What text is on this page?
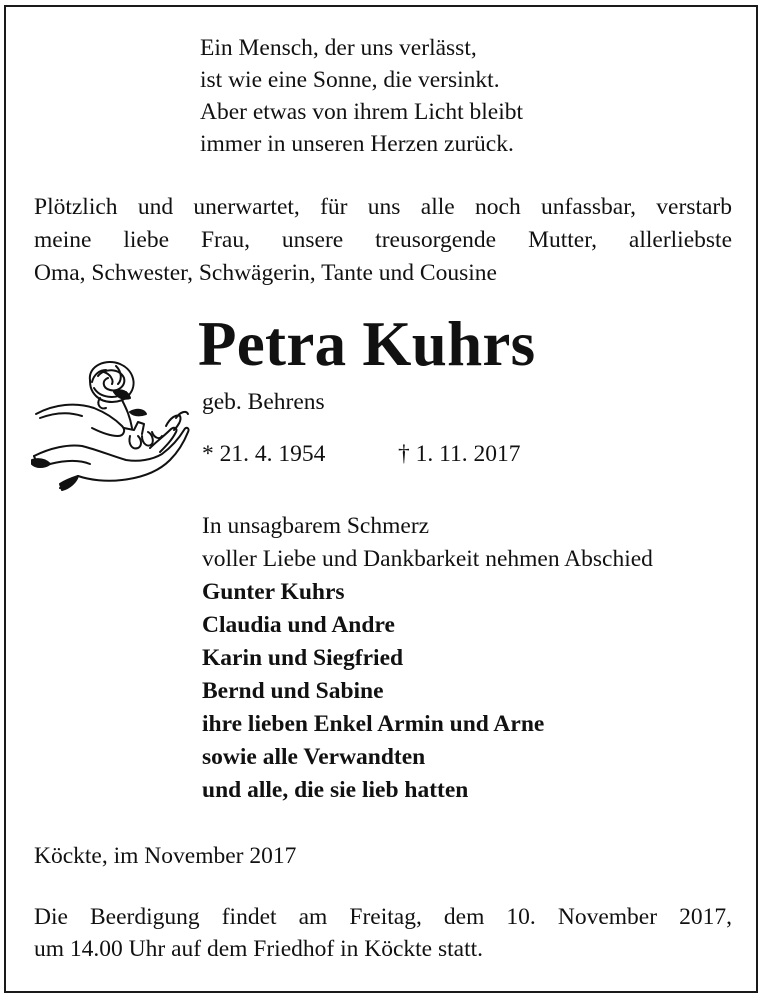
Ein Mensch, der uns verlässt,
ist wie eine Sonne, die versinkt.
Aber etwas von ihrem Licht bleibt
immer in unseren Herzen zurück.
Plötzlich und unerwartet, für uns alle noch unfassbar, verstarb
meine liebe Frau, unsere treusorgende Mutter, allerliebste
Oma, Schwester, Schwägerin, Tante und Cousine
Petra Kuhrs
geb. Behrens
* 21. 4. 1954	† 1. 11. 2017
In unsagbarem Schmerz
voller Liebe und Dankbarkeit nehmen Abschied
Gunter Kuhrs
Claudia und Andre
Karin und Siegfried
Bernd und Sabine
ihre lieben Enkel Armin und Arne
sowie alle Verwandten
und alle, die sie lieb hatten
Köckte, im November 2017
Die Beerdigung findet am Freitag, dem 10. November 2017,
um 14.00 Uhr auf dem Friedhof in Köckte statt.
